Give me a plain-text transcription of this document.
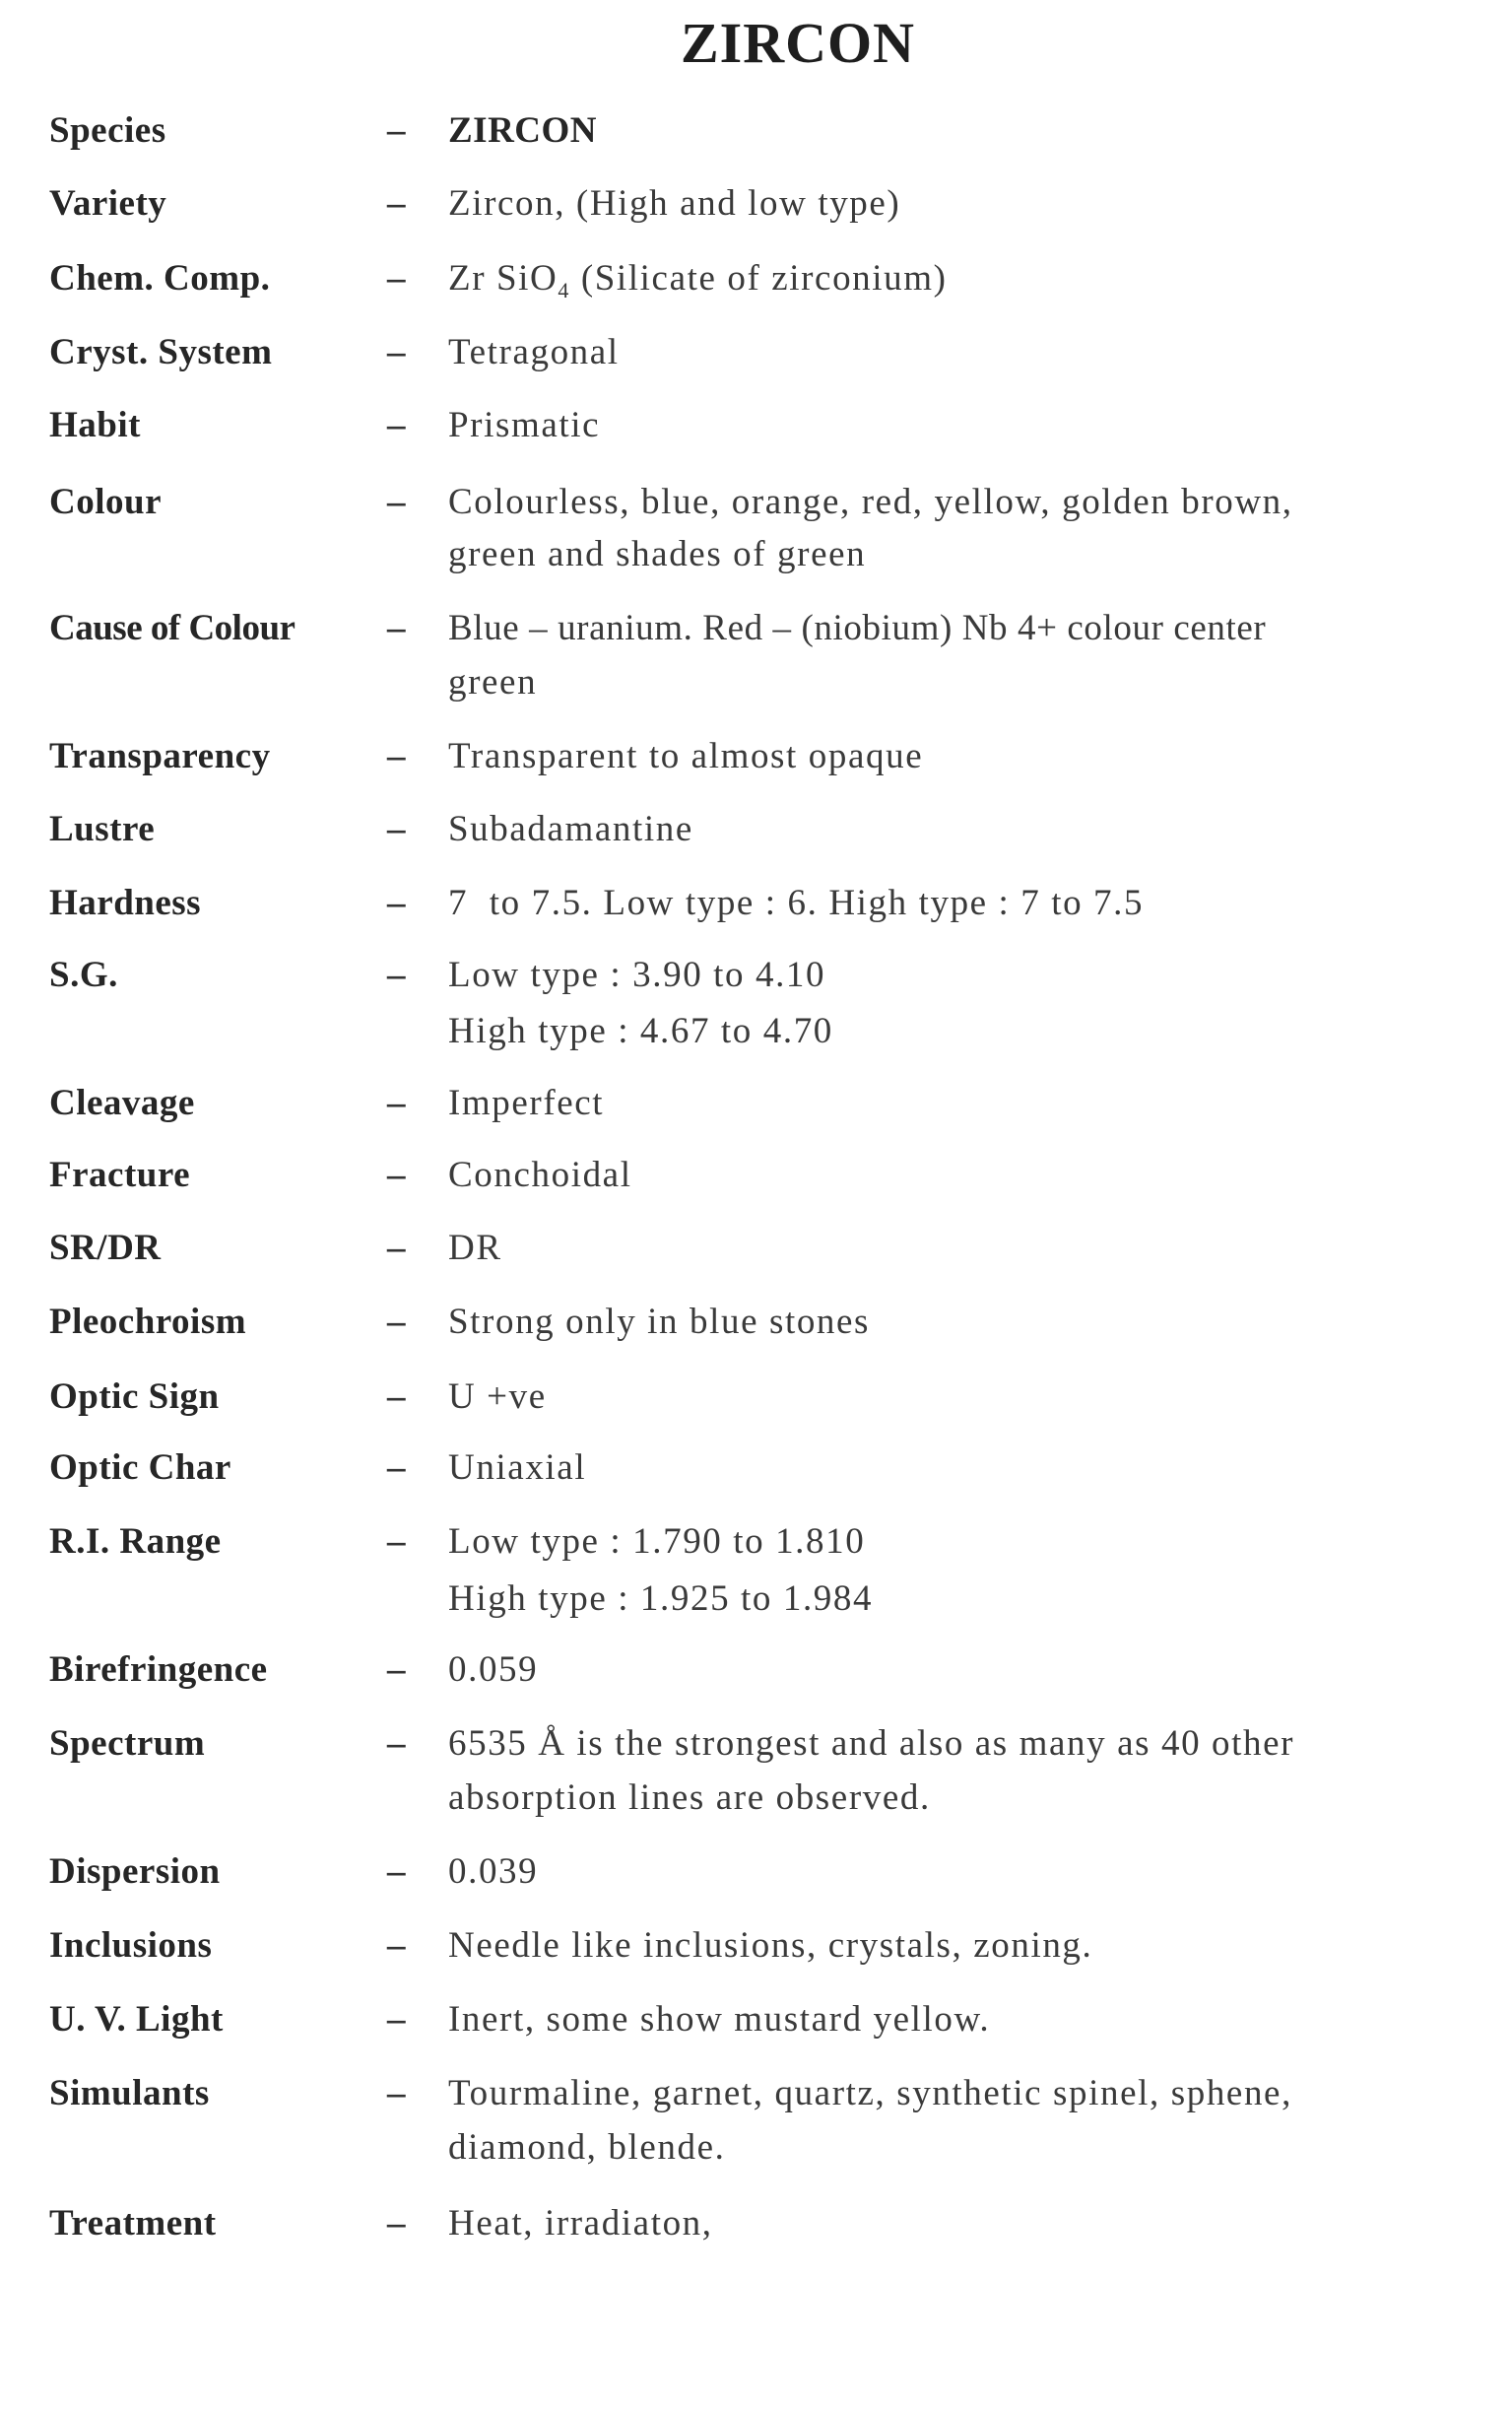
ZIRCON
Species	– ZIRCON
Variety	– Zircon, (High and low type)
Chem. Comp.	– Zr SiO$_4$ (Silicate of zirconium)
Cryst. System	– Tetragonal
Habit	– Prismatic
Colour	– Colourless, blue, orange, red, yellow, golden brown,
green and shades of green
Cause of Colour	– Blue – uranium. Red – (niobium) Nb 4+ colour center
green
Transparency	– Transparent to almost opaque
Lustre	– Subadamantine
Hardness	– 7  to 7.5. Low type : 6. High type : 7 to 7.5
S.G.	– Low type : 3.90 to 4.10
High type : 4.67 to 4.70
Cleavage	– Imperfect
Fracture	– Conchoidal
SR/DR	– DR
Pleochroism	– Strong only in blue stones
Optic Sign	– U +ve
Optic Char	– Uniaxial
R.I. Range	– Low type : 1.790 to 1.810
High type : 1.925 to 1.984
Birefringence	– 0.059
Spectrum	– 6535 Å is the strongest and also as many as 40 other
absorption lines are observed.
Dispersion	– 0.039
Inclusions	– Needle like inclusions, crystals, zoning.
U. V. Light	– Inert, some show mustard yellow.
Simulants	– Tourmaline, garnet, quartz, synthetic spinel, sphene,
diamond, blende.
Treatment	– Heat, irradiaton,
